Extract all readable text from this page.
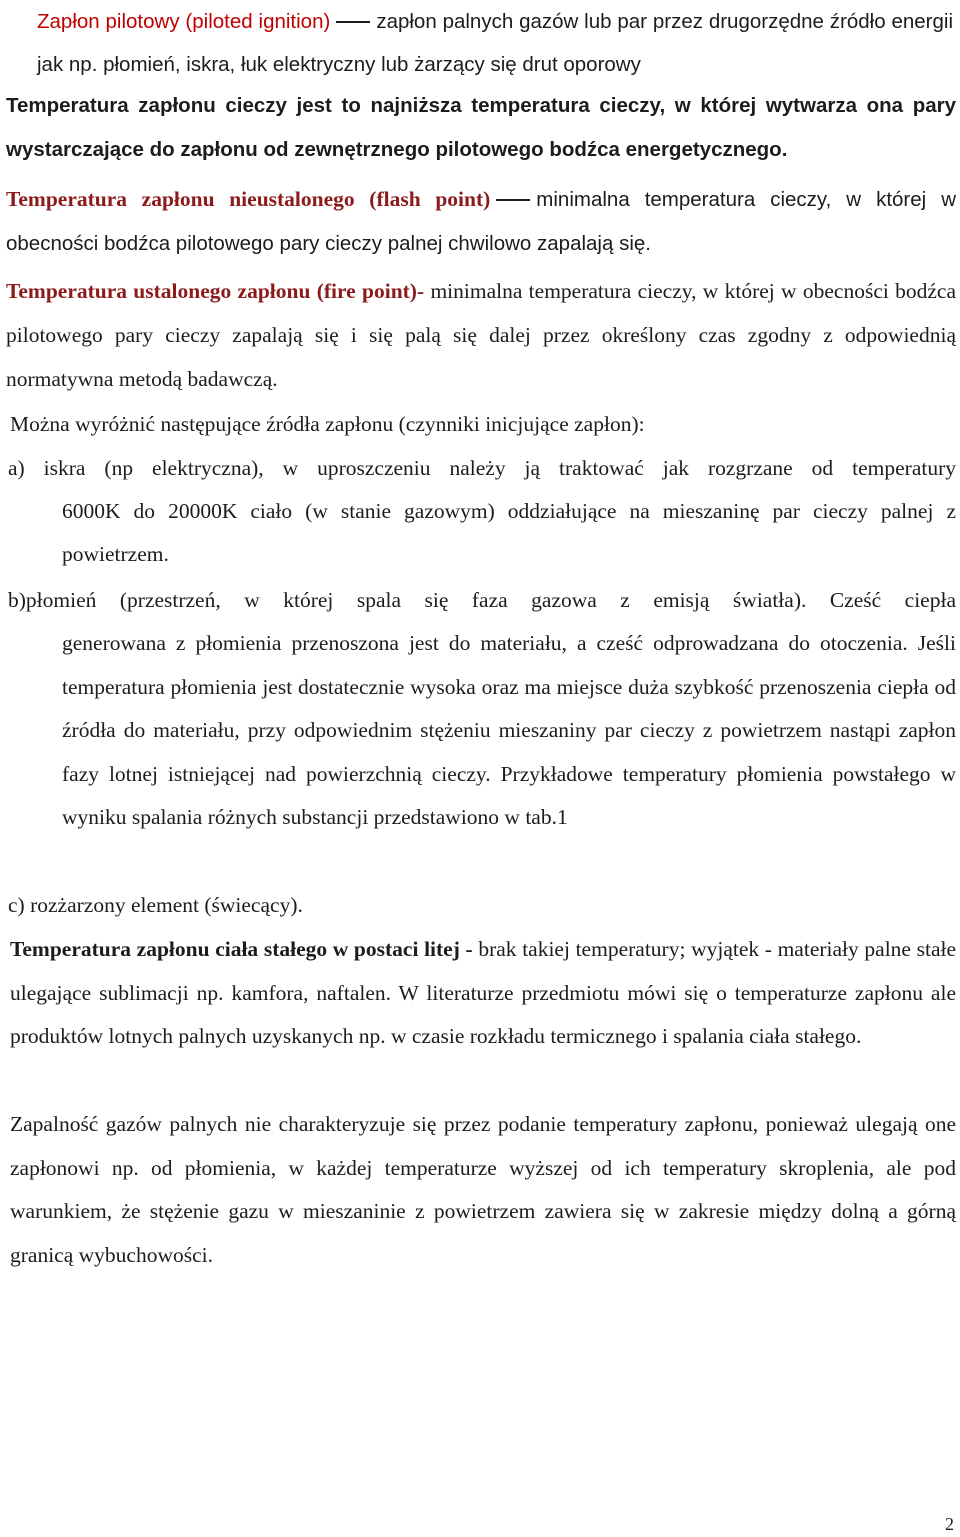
Zapłon pilotowy (piloted ignition) zapłon palnych gazów lub par przez drugorzędne źródło energii jak np. płomień, iskra, łuk elektryczny lub żarzący się drut oporowy

Temperatura zapłonu cieczy jest to najniższa temperatura cieczy, w której wytwarza ona pary wystarczające do zapłonu od zewnętrznego pilotowego bodźca energetycznego.

Temperatura zapłonu nieustalonego (flash point) minimalna temperatura cieczy, w której w obecności bodźca pilotowego pary cieczy palnej chwilowo zapalają się.

Temperatura ustalonego zapłonu (fire point)- minimalna temperatura cieczy, w której w obecności bodźca pilotowego pary cieczy zapalają się i się palą się dalej przez określony czas zgodny z odpowiednią normatywna metodą badawczą.

Można wyróżnić następujące źródła zapłonu (czynniki inicjujące zapłon):

a) iskra (np elektryczna), w uproszczeniu należy ją traktować jak rozgrzane od temperatury

6000K do 20000K ciało (w stanie gazowym) oddziałujące na mieszaninę par cieczy palnej z powietrzem.

b)płomień (przestrzeń, w której spala się faza gazowa z emisją światła). Cześć ciepła

generowana z płomienia przenoszona jest do materiału, a cześć odprowadzana do otoczenia. Jeśli temperatura płomienia jest dostatecznie wysoka oraz ma miejsce duża szybkość przenoszenia ciepła od źródła do materiału, przy odpowiednim stężeniu mieszaniny par cieczy z powietrzem nastąpi zapłon fazy lotnej istniejącej nad powierzchnią cieczy. Przykładowe temperatury płomienia powstałego w wyniku spalania różnych substancji przedstawiono w tab.1

c) rozżarzony element (świecący).

Temperatura zapłonu ciała stałego w postaci litej - brak takiej temperatury; wyjątek - materiały palne stałe ulegające sublimacji np. kamfora, naftalen. W literaturze przedmiotu mówi się o temperaturze zapłonu ale produktów lotnych palnych uzyskanych np. w czasie rozkładu termicznego i spalania ciała stałego.

Zapalność gazów palnych nie charakteryzuje się przez podanie temperatury zapłonu, ponieważ ulegają one zapłonowi np. od płomienia, w każdej temperaturze wyższej od ich temperatury skroplenia, ale pod warunkiem, że stężenie gazu w mieszaninie z powietrzem zawiera się w zakresie między dolną a górną granicą wybuchowości.

2
